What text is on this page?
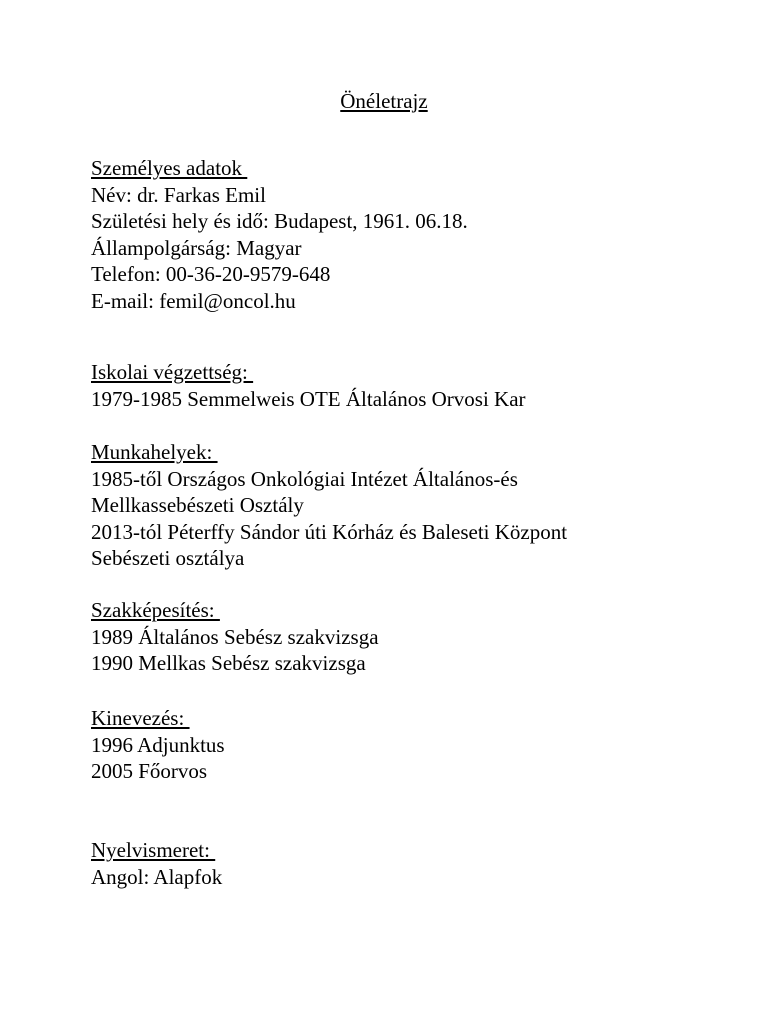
Önéletrajz
Személyes adatok
Név: dr. Farkas Emil
Születési hely és idő: Budapest, 1961. 06.18.
Állampolgárság: Magyar
Telefon: 00-36-20-9579-648
E-mail: femil@oncol.hu
Iskolai végzettség:
1979-1985 Semmelweis OTE Általános Orvosi Kar
Munkahelyek:
1985-től Országos Onkológiai Intézet Általános-és
Mellkassebészeti Osztály
2013-tól Péterffy Sándor úti Kórház és Baleseti Központ
Sebészeti osztálya
Szakképesítés:
1989 Általános Sebész szakvizsga
1990 Mellkas Sebész szakvizsga
Kinevezés:
1996 Adjunktus
2005 Főorvos
Nyelvismeret:
Angol: Alapfok
